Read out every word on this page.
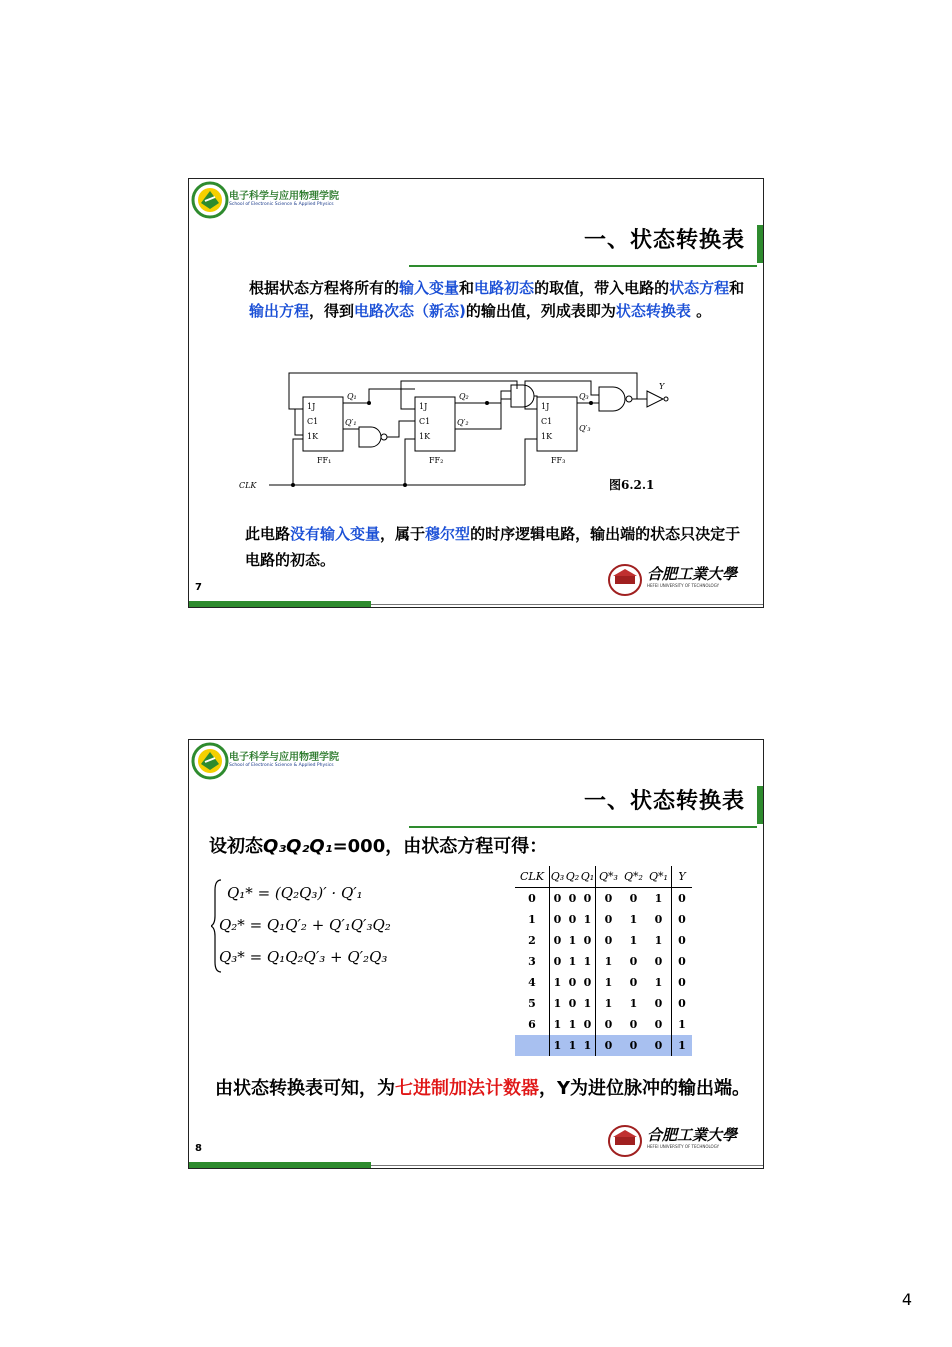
电子科学与应用物理学院
School of Electronic Science & Applied Physics
一、状态转换表
根据状态方程将所有的输入变量和电路初态的取值，带入电路的状态方程和输出方程，得到电路次态（新态)的输出值，列成表即为状态转换表 。
1J
C1
1K
1J
C1
1K
1J
C1
1K
FF₁	FF₂	FF₃
Q₁	Q₂	Q₃
Q′₁	Q′₂
Q′₃
CLK
Y
图6.2.1
此电路没有输入变量，属于穆尔型的时序逻辑电路，输出端的状态只决定于电路的初态。
7
合肥工業大學
HEFEI UNIVERSITY OF TECHNOLOGY
电子科学与应用物理学院
School of Electronic Science & Applied Physics
一、状态转换表
设初态Q₃Q₂Q₁=000，由状态方程可得：
Q₁* = (Q₂Q₃)′ · Q′₁
Q₂* = Q₁Q′₂ + Q′₁Q′₃Q₂
Q₃* = Q₁Q₂Q′₃ + Q′₂Q₃
CLK	Q₃	Q₂	Q₁	Q*₃	Q*₂	Q*₁	Y
0	0	0	0	0	0	1	0
1	0	0	1	0	1	0	0
2	0	1	0	0	1	1	0
3	0	1	1	1	0	0	0
4	1	0	0	1	0	1	0
5	1	0	1	1	1	0	0
6	1	1	0	0	0	0	1
	1	1	1	0	0	0	1
由状态转换表可知，为七进制加法计数器，Y为进位脉冲的输出端。
8
合肥工業大學
HEFEI UNIVERSITY OF TECHNOLOGY
4
